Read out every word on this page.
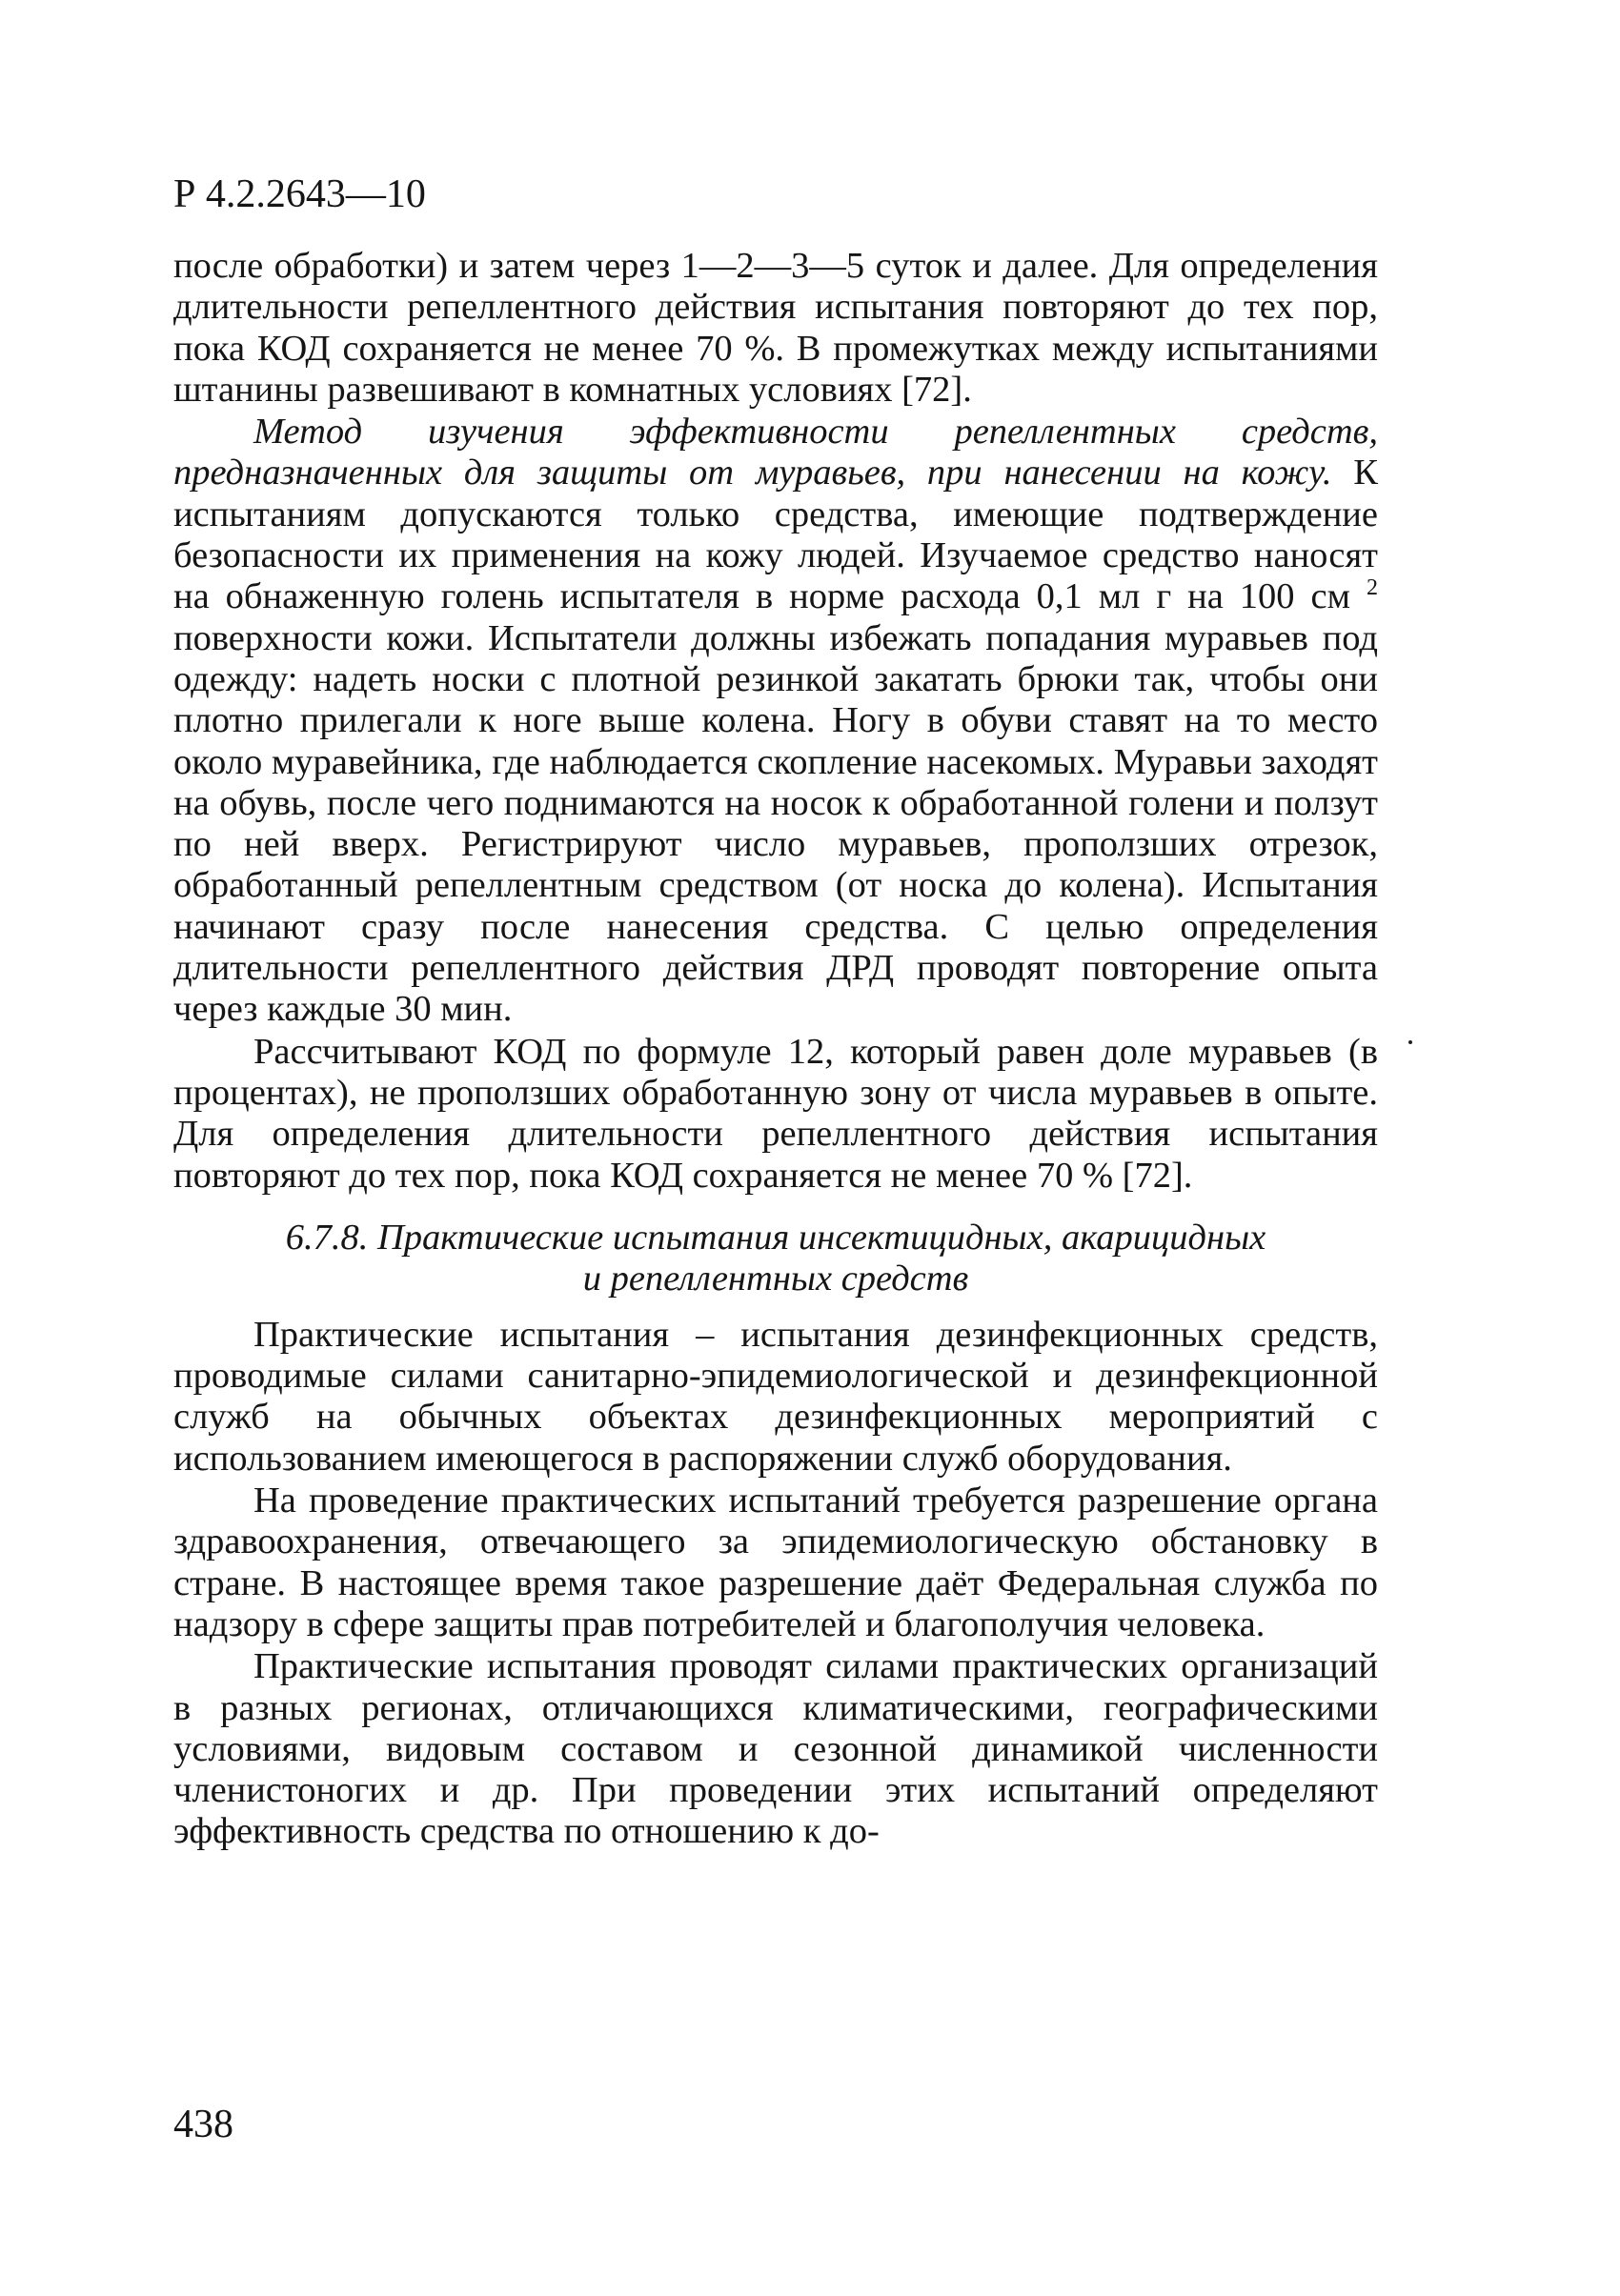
Р 4.2.2643—10

после обработки) и затем через 1—2—3—5 суток и далее. Для определения длительности репеллентного действия испытания повторяют до тех пор, пока КОД сохраняется не менее 70 %. В промежутках между испытаниями штанины развешивают в комнатных условиях [72].

Метод изучения эффективности репеллентных средств, предназначенных для защиты от муравьев, при нанесении на кожу. К испытаниям допускаются только средства, имеющие подтверждение безопасности их применения на кожу людей. Изучаемое средство наносят на обнаженную голень испытателя в норме расхода 0,1 мл г на 100 см $^2$ поверхности кожи. Испытатели должны избежать попадания муравьев под одежду: надеть носки с плотной резинкой закатать брюки так, чтобы они плотно прилегали к ноге выше колена. Ногу в обуви ставят на то место около муравейника, где наблюдается скопление насекомых. Муравьи заходят на обувь, после чего поднимаются на носок к обработанной голени и ползут по ней вверх. Регистрируют число муравьев, проползших отрезок, обработанный репеллентным средством (от носка до колена). Испытания начинают сразу после нанесения средства. С целью определения длительности репеллентного действия ДРД проводят повторение опыта через каждые 30 мин.

Рассчитывают КОД по формуле 12, который равен доле муравьев (в процентах), не проползших обработанную зону от числа муравьев в опыте. Для определения длительности репеллентного действия испытания повторяют до тех пор, пока КОД сохраняется не менее 70 % [72].

6.7.8. Практические испытания инсектицидных, акарицидных
и репеллентных средств

Практические испытания – испытания дезинфекционных средств, проводимые силами санитарно-эпидемиологической и дезинфекционной служб на обычных объектах дезинфекционных мероприятий с использованием имеющегося в распоряжении служб оборудования.

На проведение практических испытаний требуется разрешение органа здравоохранения, отвечающего за эпидемиологическую обстановку в стране. В настоящее время такое разрешение даёт Федеральная служба по надзору в сфере защиты прав потребителей и благополучия человека.

Практические испытания проводят силами практических организаций в разных регионах, отличающихся климатическими, географическими условиями, видовым составом и сезонной динамикой численности членистоногих и др. При проведении этих испытаний определяют эффективность средства по отношению к до-

438
